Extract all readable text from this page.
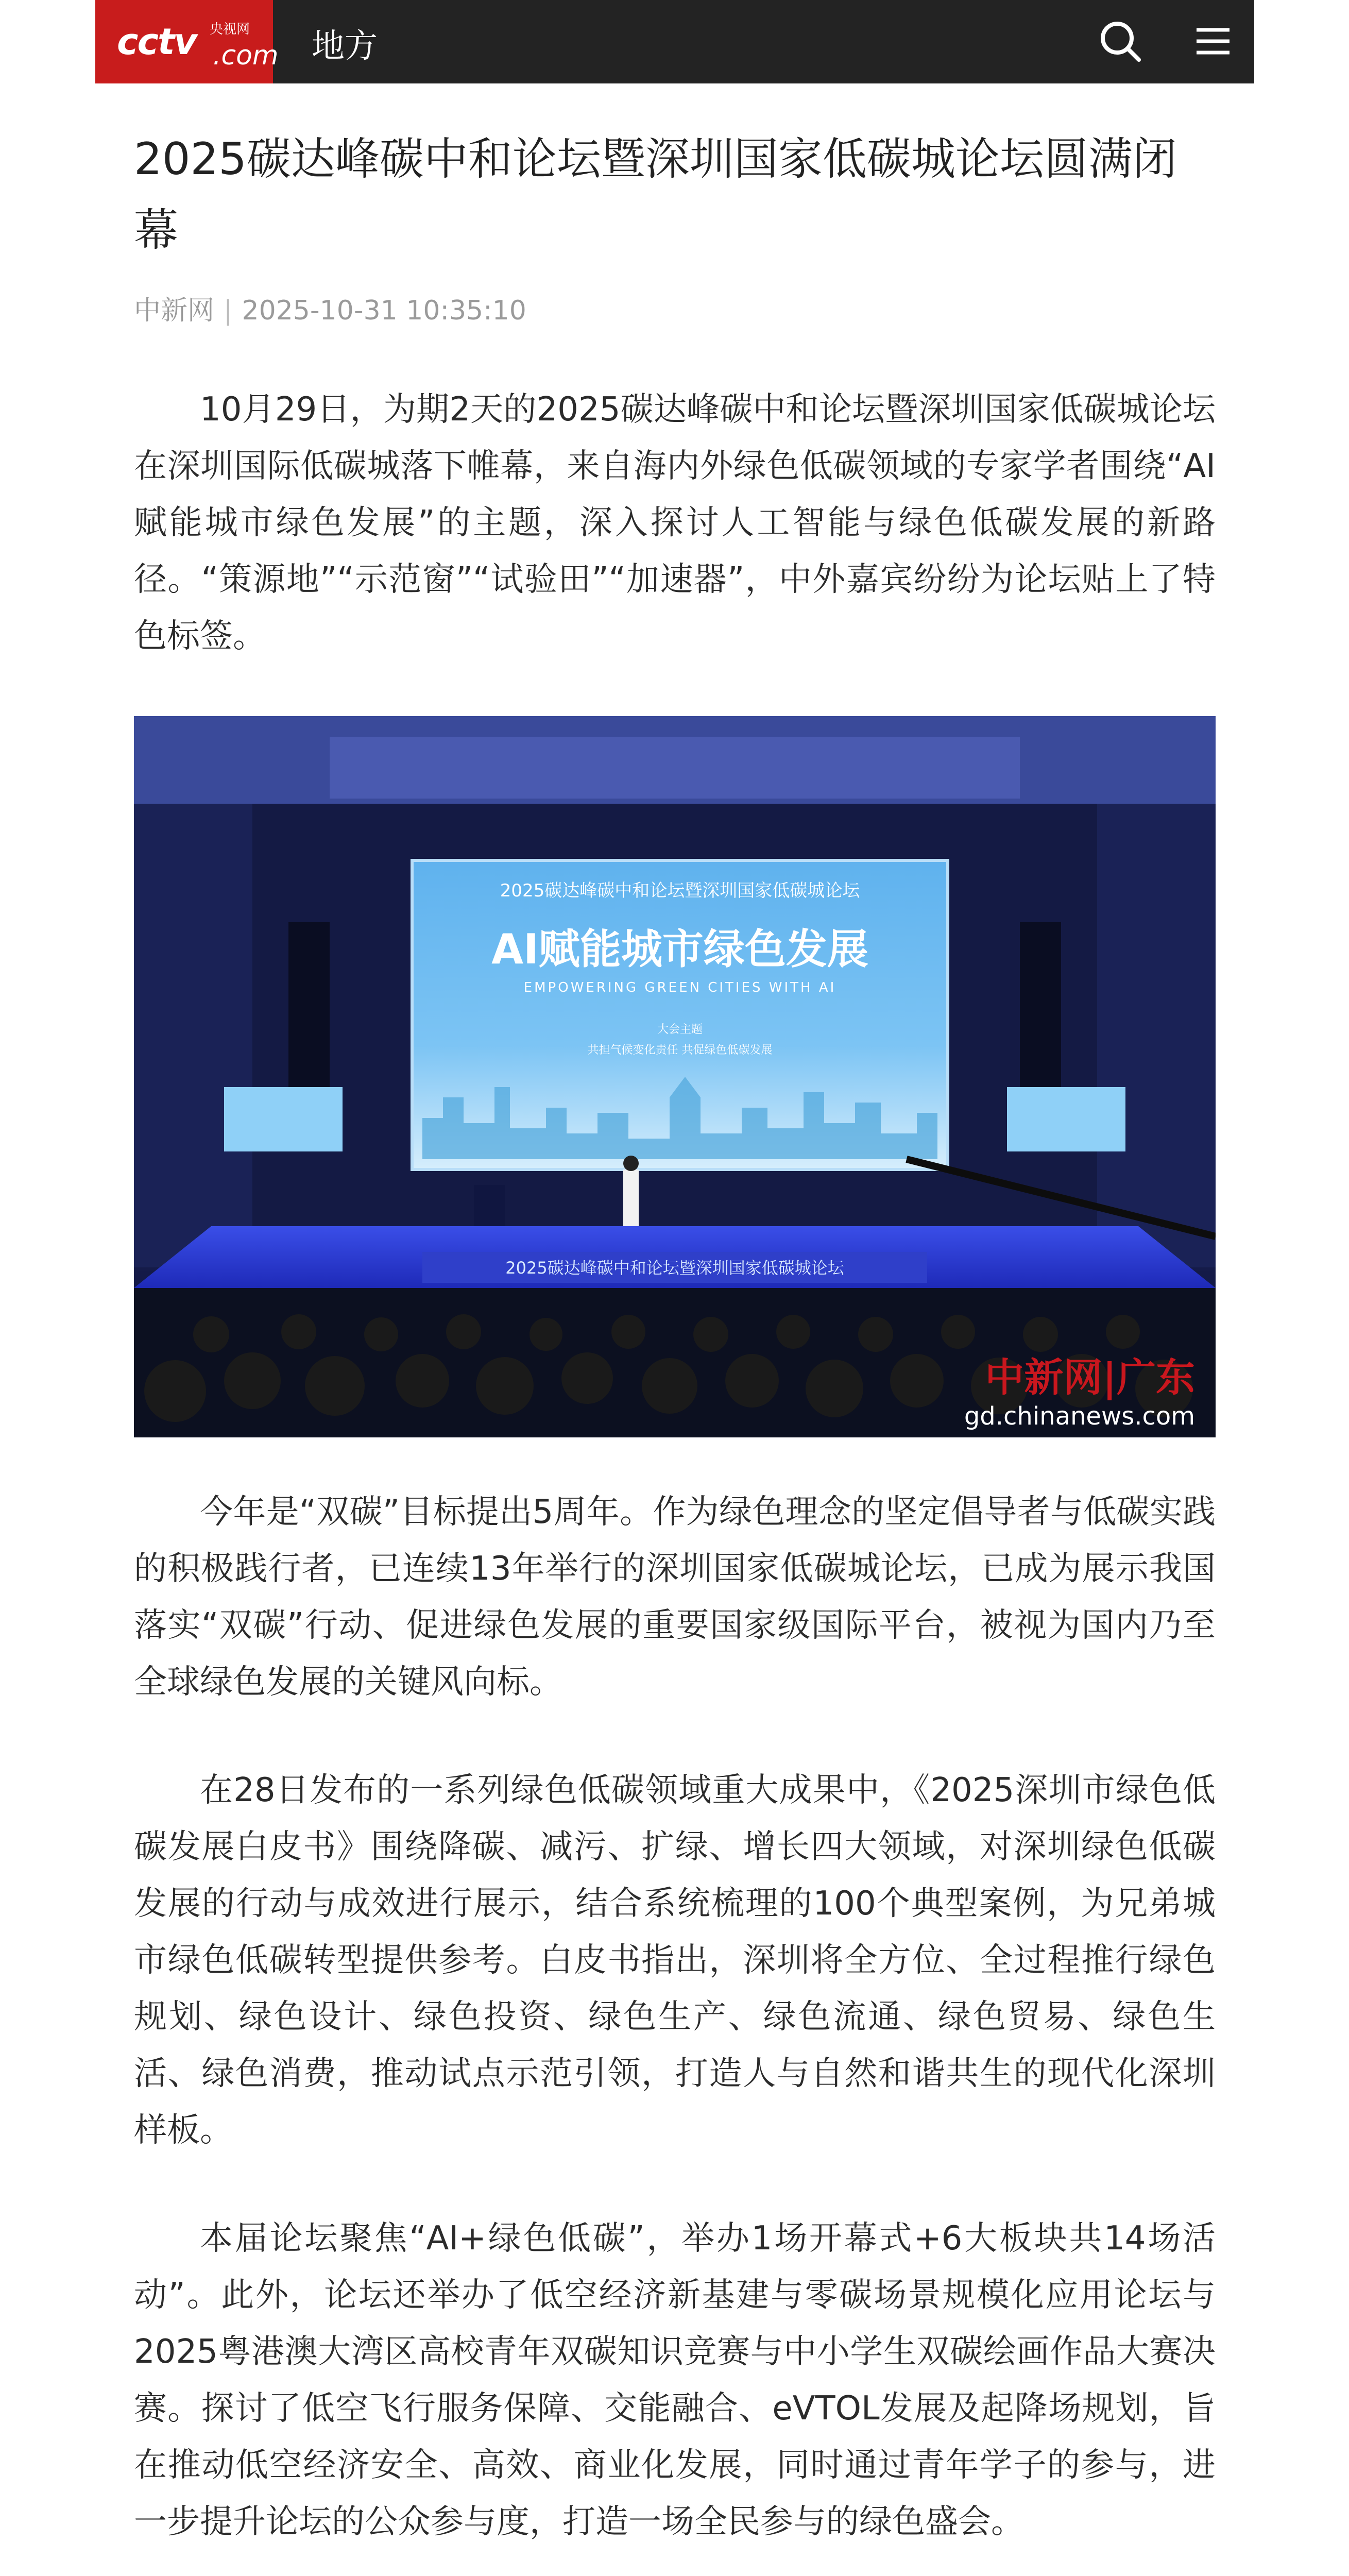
cctv 央视网
.com 地方
2025碳达峰碳中和论坛暨深圳国家低碳城论坛圆满闭幕
中新网 | 2025-10-31 10:35:10

10月29日，为期2天的2025碳达峰碳中和论坛暨深圳国家低碳城论坛在深圳国际低碳城落下帷幕，来自海内外绿色低碳领域的专家学者围绕“AI赋能城市绿色发展”的主题，深入探讨人工智能与绿色低碳发展的新路径。“策源地”“示范窗”“试验田”“加速器”，中外嘉宾纷纷为论坛贴上了特色标签。

2025碳达峰碳中和论坛暨深圳国家低碳城论坛
AI赋能城市绿色发展
EMPOWERING GREEN CITIES WITH AI
大会主题
共担气候变化责任 共促绿色低碳发展
2025碳达峰碳中和论坛暨深圳国家低碳城论坛
中新网|广东
gd.chinanews.com

今年是“双碳”目标提出5周年。作为绿色理念的坚定倡导者与低碳实践的积极践行者，已连续13年举行的深圳国家低碳城论坛，已成为展示我国落实“双碳”行动、促进绿色发展的重要国家级国际平台，被视为国内乃至全球绿色发展的关键风向标。

在28日发布的一系列绿色低碳领域重大成果中，《2025深圳市绿色低碳发展白皮书》围绕降碳、减污、扩绿、增长四大领域，对深圳绿色低碳发展的行动与成效进行展示，结合系统梳理的100个典型案例，为兄弟城市绿色低碳转型提供参考。白皮书指出，深圳将全方位、全过程推行绿色规划、绿色设计、绿色投资、绿色生产、绿色流通、绿色贸易、绿色生活、绿色消费，推动试点示范引领，打造人与自然和谐共生的现代化深圳样板。

本届论坛聚焦“AI+绿色低碳”，举办1场开幕式+6大板块共14场活动”。此外，论坛还举办了低空经济新基建与零碳场景规模化应用论坛与2025粤港澳大湾区高校青年双碳知识竞赛与中小学生双碳绘画作品大赛决赛。探讨了低空飞行服务保障、交能融合、eVTOL发展及起降场规划，旨在推动低空经济安全、高效、商业化发展，同时通过青年学子的参与，进一步提升论坛的公众参与度，打造一场全民参与的绿色盛会。
